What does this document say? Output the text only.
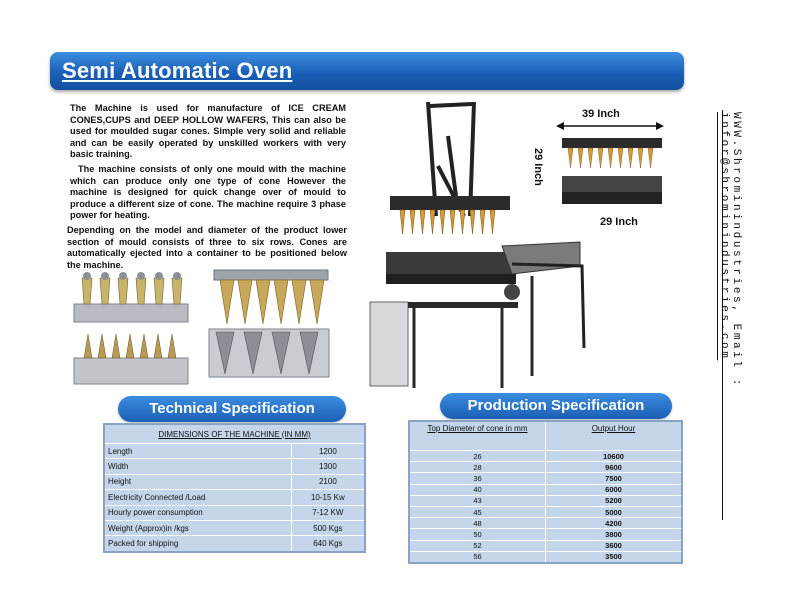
Semi Automatic Oven
The Machine is used for manufacture of ICE CREAM CONES,CUPS and DEEP HOLLOW WAFERS, This can also be used for moulded sugar cones. Simple very solid and reliable and can be easily operated by unskilled workers with very basic training.
The machine consists of only one mould with the machine which can produce only one type of cone However the machine is designed for quick change over of mould to produce a different size of cone. The machine require 3 phase power for heating.
Depending on the model and diameter of the product lower section of mould consists of three to six rows. Cones are automatically ejected into a container to be positioned below the machine.
39 Inch
29 Inch
29 Inch	WWW.Shrominindustries, Email : infor@shrominindustries.com
Technical Specification
DIMENSIONS OF THE MACHINE (IN MM)	
Length	1200
Width	1300
Height	2100
Electricity Connected /Load	10-15 Kw
Hourly power consumption	7-12 KW
Weight (Approx)in /kgs	500 Kgs
Packed for shipping	640 Kgs
Production Specification
Top Diameter of cone in mm	Output Hour
26	10600
28	9600
36	7500
40	6000
43	5200
45	5000
48	4200
50	3800
52	3600
56	3500
